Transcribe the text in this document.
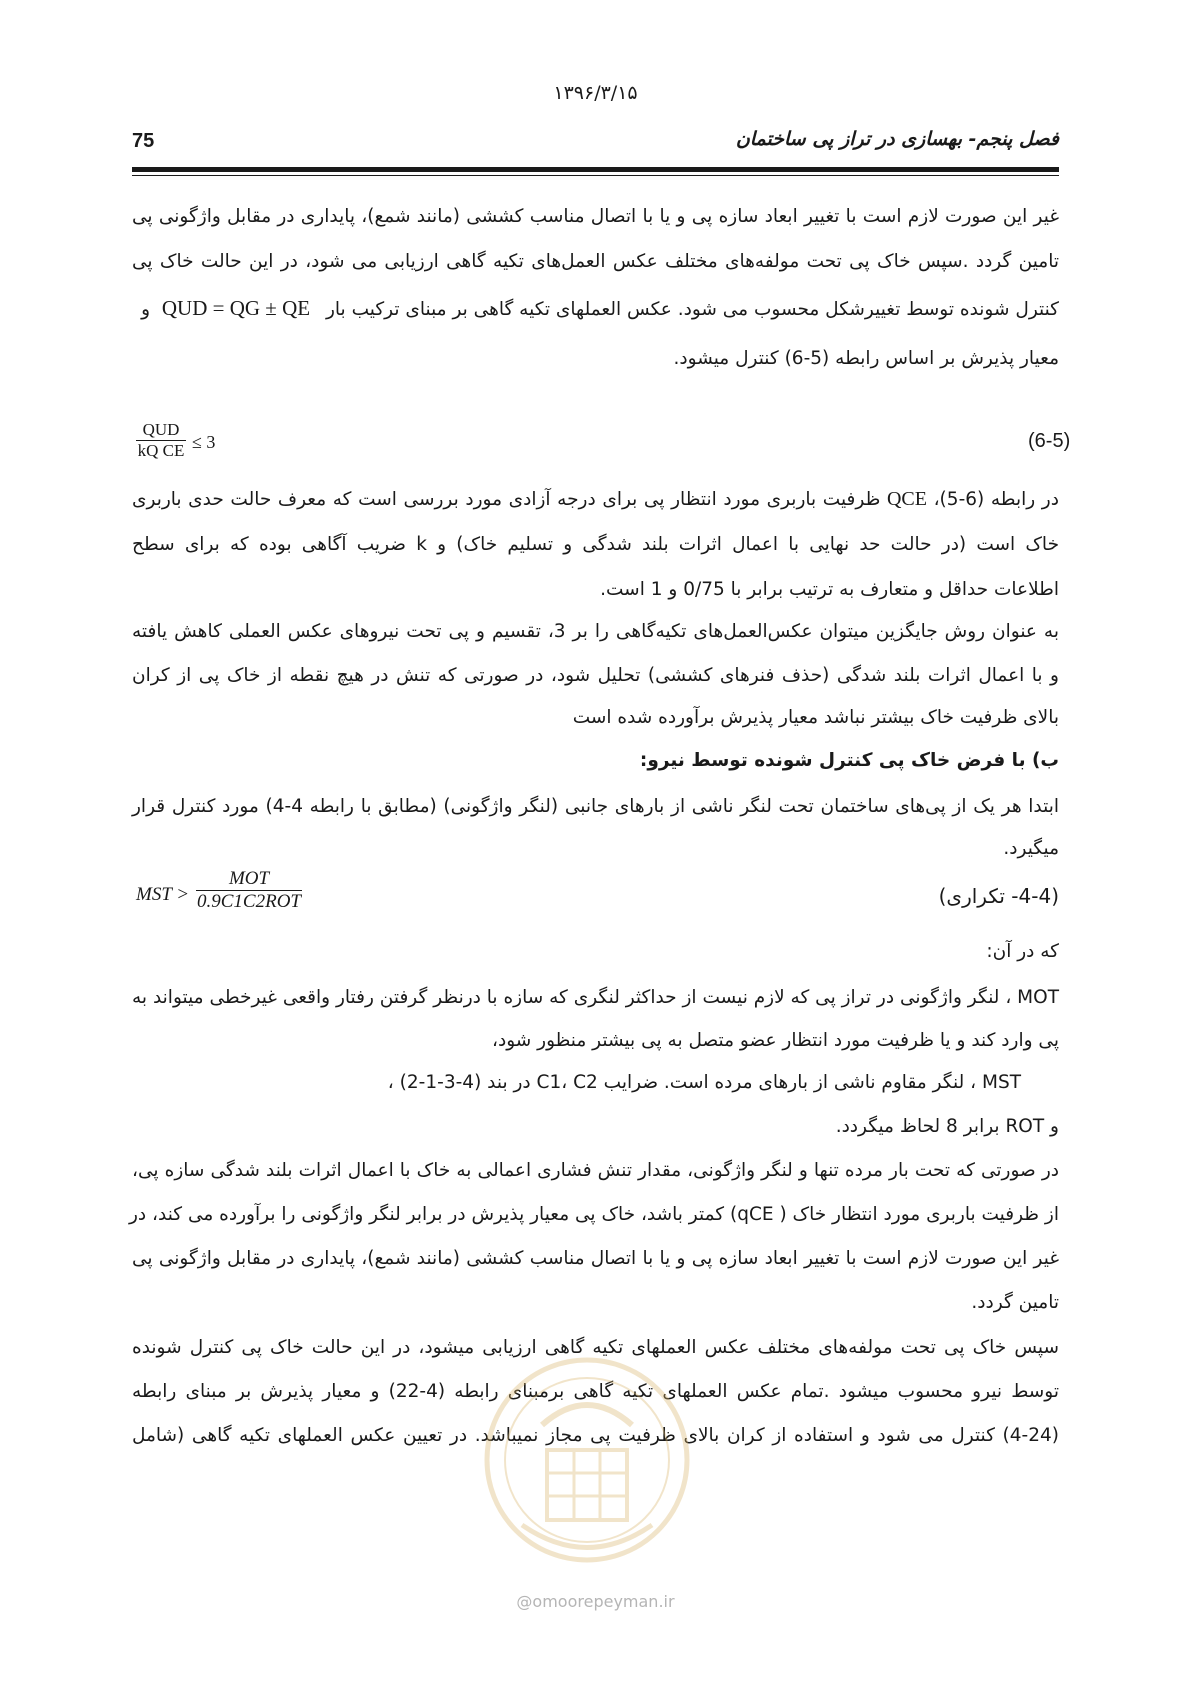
۱۳۹۶/۳/۱۵
75	فصل پنجم- بهسازی در تراز پی ساختمان
غیر این صورت لازم است با تغییر ابعاد سازه پی و یا با اتصال مناسب کششی (مانند شمع)، پایداری در مقابل واژگونی پی
تامین گردد .سپس خاک پی تحت مولفه‌های مختلف عکس العمل‌های تکیه گاهی ارزیابی می شود، در این حالت خاک پی
کنترل شونده توسط تغییرشکل محسوب می شود. عکس العملهای تکیه گاهی بر مبنای ترکیب بار QUD = QG ± QE و
معیار پذیرش بر اساس رابطه (5-6) کنترل میشود.
QUD
kQ CE ≤ 3	(6-5)
در رابطه (6-5)، QCE ظرفیت باربری مورد انتظار پی برای درجه آزادی مورد بررسی است که معرف حالت حدی باربری
خاک است (در حالت حد نهایی با اعمال اثرات بلند شدگی و تسلیم خاک) و k ضریب آگاهی بوده که برای سطح
اطلاعات حداقل و متعارف به ترتیب برابر با 0/75 و 1 است.
به عنوان روش جایگزین میتوان عکس‌العمل‌های تکیه‌گاهی را بر 3، تقسیم و پی تحت نیروهای عکس العملی کاهش یافته
و با اعمال اثرات بلند شدگی (حذف فنرهای کششی) تحلیل شود، در صورتی که تنش در هیچ نقطه از خاک پی از کران
بالای ظرفیت خاک بیشتر نباشد معیار پذیرش برآورده شده است
ب) با فرض خاک پی کنترل شونده توسط نیرو:
ابتدا هر یک از پی‌های ساختمان تحت لنگر ناشی از بارهای جانبی (لنگر واژگونی) (مطابق با رابطه 4-4) مورد کنترل قرار
میگیرد.
MST >
MOT
0.9C1C2ROT	(4-4- تکراری)
که در آن:
MOT ، لنگر واژگونی در تراز پی که لازم نیست از حداکثر لنگری که سازه با درنظر گرفتن رفتار واقعی غیرخطی میتواند به
پی وارد کند و یا ظرفیت مورد انتظار عضو متصل به پی بیشتر منظور شود،
MST ، لنگر مقاوم ناشی از بارهای مرده است. ضرایب C1، C2 در بند (4-3-1-2) ،
و ROT برابر 8 لحاظ میگردد.
در صورتی که تحت بار مرده تنها و لنگر واژگونی، مقدار تنش فشاری اعمالی به خاک با اعمال اثرات بلند شدگی سازه پی،
از ظرفیت باربری مورد انتظار خاک ( qCE) کمتر باشد، خاک پی معیار پذیرش در برابر لنگر واژگونی را برآورده می کند، در
غیر این صورت لازم است با تغییر ابعاد سازه پی و یا با اتصال مناسب کششی (مانند شمع)، پایداری در مقابل واژگونی پی
تامین گردد.
سپس خاک پی تحت مولفه‌های مختلف عکس العملهای تکیه گاهی ارزیابی میشود، در این حالت خاک پی کنترل شونده
توسط نیرو محسوب میشود .تمام عکس العملهای تکیه گاهی برمبنای رابطه (4-22) و معیار پذیرش بر مبنای رابطه
(4-24) کنترل می شود و استفاده از کران بالای ظرفیت پی مجاز نمیباشد. در تعیین عکس العملهای تکیه گاهی (شامل
@omoorepeyman.ir
